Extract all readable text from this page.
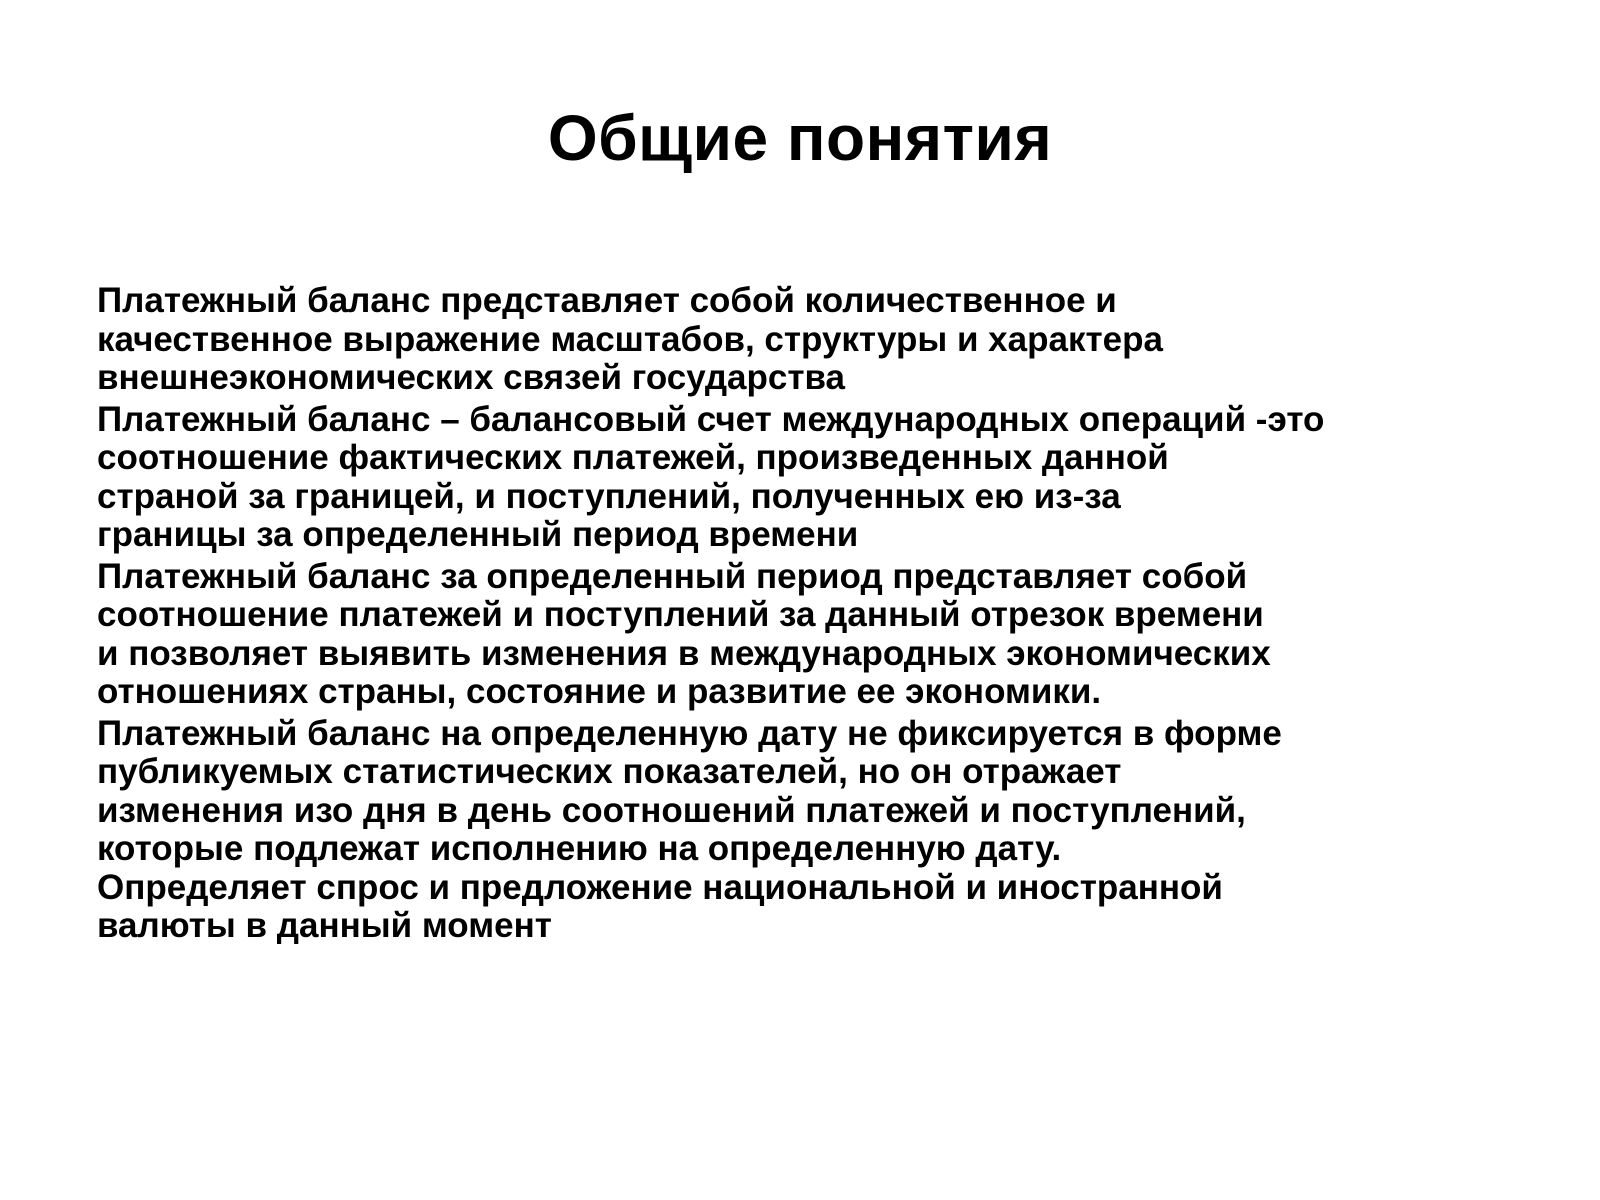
Общие понятия

Платежный баланс представляет собой количественное и
качественное выражение масштабов, структуры и характера
внешнеэкономических связей государства

Платежный баланс – балансовый счет международных операций -это
соотношение фактических платежей, произведенных данной
страной за границей, и поступлений, полученных ею из-за
границы за определенный период времени

Платежный баланс за определенный период представляет собой
соотношение платежей и поступлений за данный отрезок времени
и позволяет выявить изменения в международных экономических
отношениях страны, состояние и развитие ее экономики.

Платежный баланс на определенную дату не фиксируется в форме
публикуемых статистических показателей, но он отражает
изменения изо дня в день соотношений платежей и поступлений,
которые подлежат исполнению на определенную дату.
Определяет спрос и предложение национальной и иностранной
валюты в данный момент
